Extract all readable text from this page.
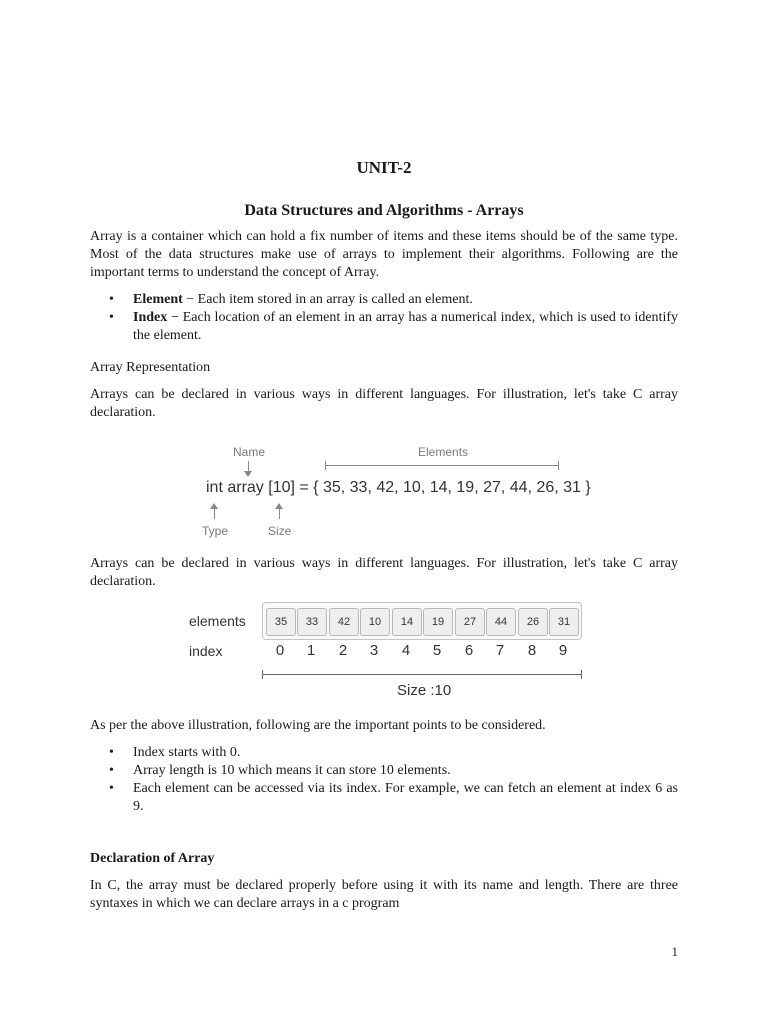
UNIT-2
Data Structures and Algorithms - Arrays
Array is a container which can hold a fix number of items and these items should be of the same type. Most of the data structures make use of arrays to implement their algorithms. Following are the important terms to understand the concept of Array.
• Element − Each item stored in an array is called an element.
• Index − Each location of an element in an array has a numerical index, which is used to identify the element.
Array Representation
Arrays can be declared in various ways in different languages. For illustration, let's take C array declaration.
Name	Elements
int array [10] = { 35, 33, 42, 10, 14, 19, 27, 44, 26, 31 }
Type	Size
Arrays can be declared in various ways in different languages. For illustration, let's take C array declaration.
elements
index
35	33	42	10	14	19	27	44	26	31
0	1	2	3	4	5	6	7	8	9
Size :10
As per the above illustration, following are the important points to be considered.
• Index starts with 0.
• Array length is 10 which means it can store 10 elements.
• Each element can be accessed via its index. For example, we can fetch an element at index 6 as 9.
Declaration of Array
In C, the array must be declared properly before using it with its name and length. There are three syntaxes in which we can declare arrays in a c program
1
